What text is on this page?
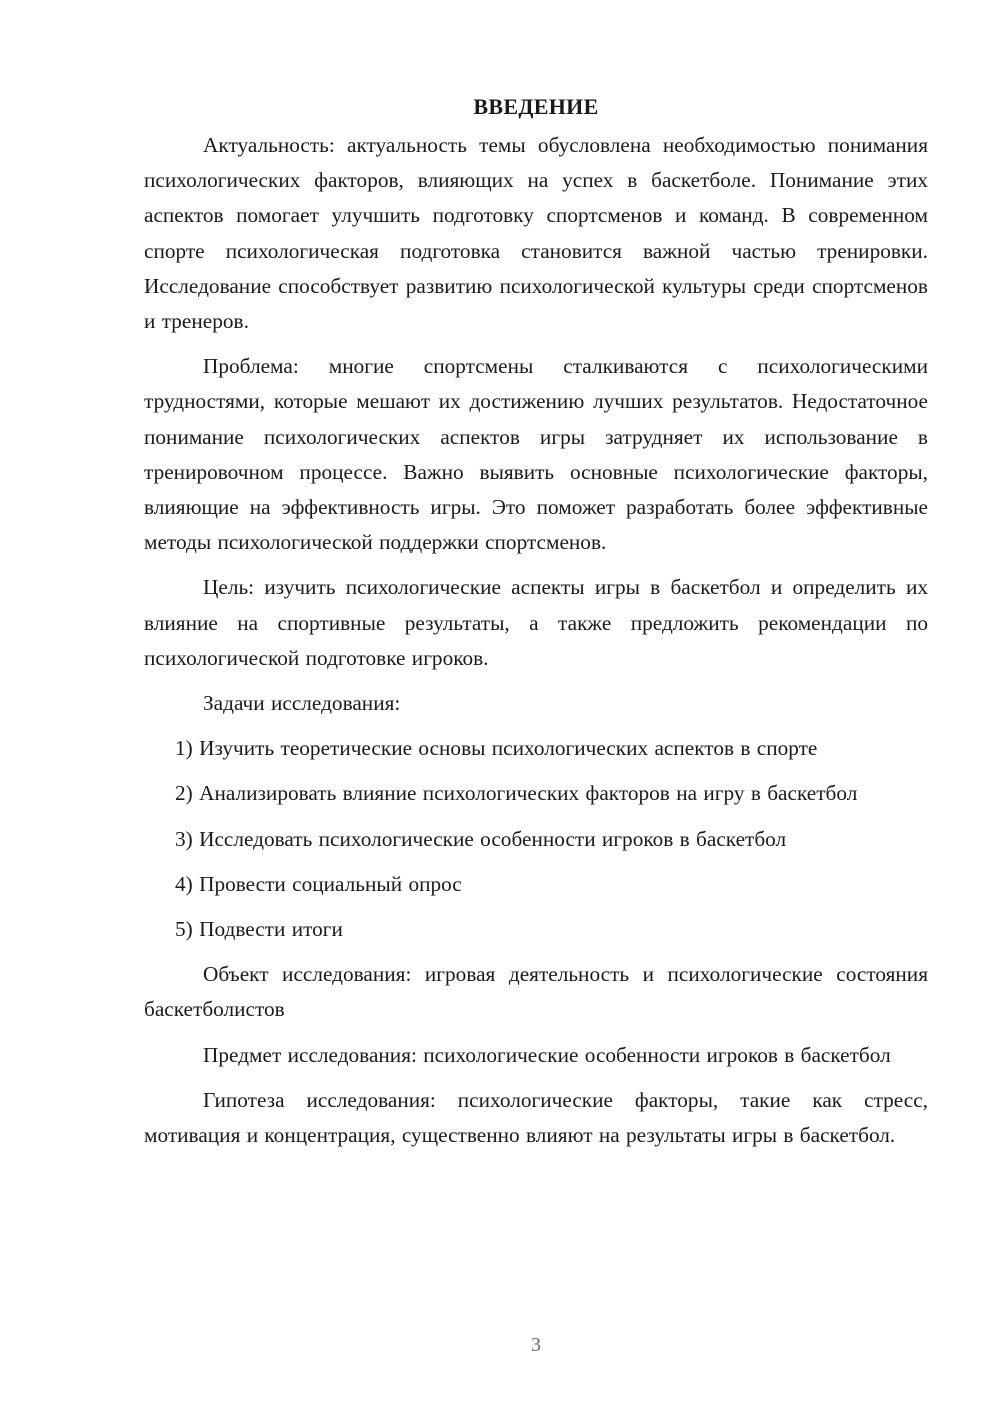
ВВЕДЕНИЕ

Актуальность: актуальность темы обусловлена необходимостью понимания психологических факторов, влияющих на успех в баскетболе. Понимание этих аспектов помогает улучшить подготовку спортсменов и команд. В современном спорте психологическая подготовка становится важной частью тренировки. Исследование способствует развитию психологической культуры среди спортсменов и тренеров.

Проблема: многие спортсмены сталкиваются с психологическими трудностями, которые мешают их достижению лучших результатов. Недостаточное понимание психологических аспектов игры затрудняет их использование в тренировочном процессе. Важно выявить основные психологические факторы, влияющие на эффективность игры. Это поможет разработать более эффективные методы психологической поддержки спортсменов.

Цель: изучить психологические аспекты игры в баскетбол и определить их влияние на спортивные результаты, а также предложить рекомендации по психологической подготовке игроков.

Задачи исследования:

1) Изучить теоретические основы психологических аспектов в спорте

2) Анализировать влияние психологических факторов на игру в баскетбол

3) Исследовать психологические особенности игроков в баскетбол

4) Провести социальный опрос

5) Подвести итоги

Объект исследования: игровая деятельность и психологические состояния баскетболистов

Предмет исследования: психологические особенности игроков в баскетбол

Гипотеза исследования: психологические факторы, такие как стресс, мотивация и концентрация, существенно влияют на результаты игры в баскетбол.

3
